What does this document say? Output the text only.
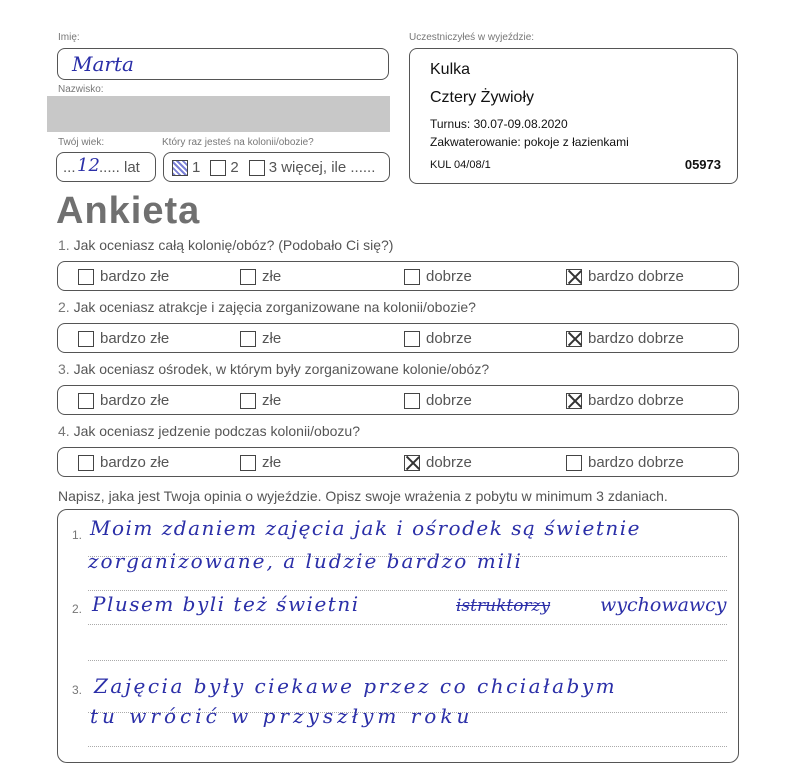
Imię:
Marta
Nazwisko:
Twój wiek:
... 12 ..... lat
Który raz jesteś na kolonii/obozie?
1 2 3 więcej, ile ......
Uczestniczyłeś w wyjeździe:
Kulka
Cztery Żywioły
Turnus: 30.07-09.08.2020
Zakwaterowanie: pokoje z łazienkami
KUL 04/08/1	05973
Ankieta
1. Jak oceniasz całą kolonię/obóz? (Podobało Ci się?)
bardzo złe	złe	dobrze	bardzo dobrze
2. Jak oceniasz atrakcje i zajęcia zorganizowane na kolonii/obozie?
bardzo złe	złe	dobrze	bardzo dobrze
3. Jak oceniasz ośrodek, w którym były zorganizowane kolonie/obóz?
bardzo złe	złe	dobrze	bardzo dobrze
4. Jak oceniasz jedzenie podczas kolonii/obozu?
bardzo złe	złe	dobrze	bardzo dobrze
Napisz, jaka jest Twoja opinia o wyjeździe. Opisz swoje wrażenia z pobytu w minimum 3 zdaniach.
1.
2.
3.
Moim zdaniem zajęcia jak i ośrodek są świetnie
zorganizowane, a ludzie bardzo mili
Plusem byli też świetni	istruktorzy	wychowawcy
Zajęcia były ciekawe przez co chciałabym
tu wrócić w przyszłym roku
